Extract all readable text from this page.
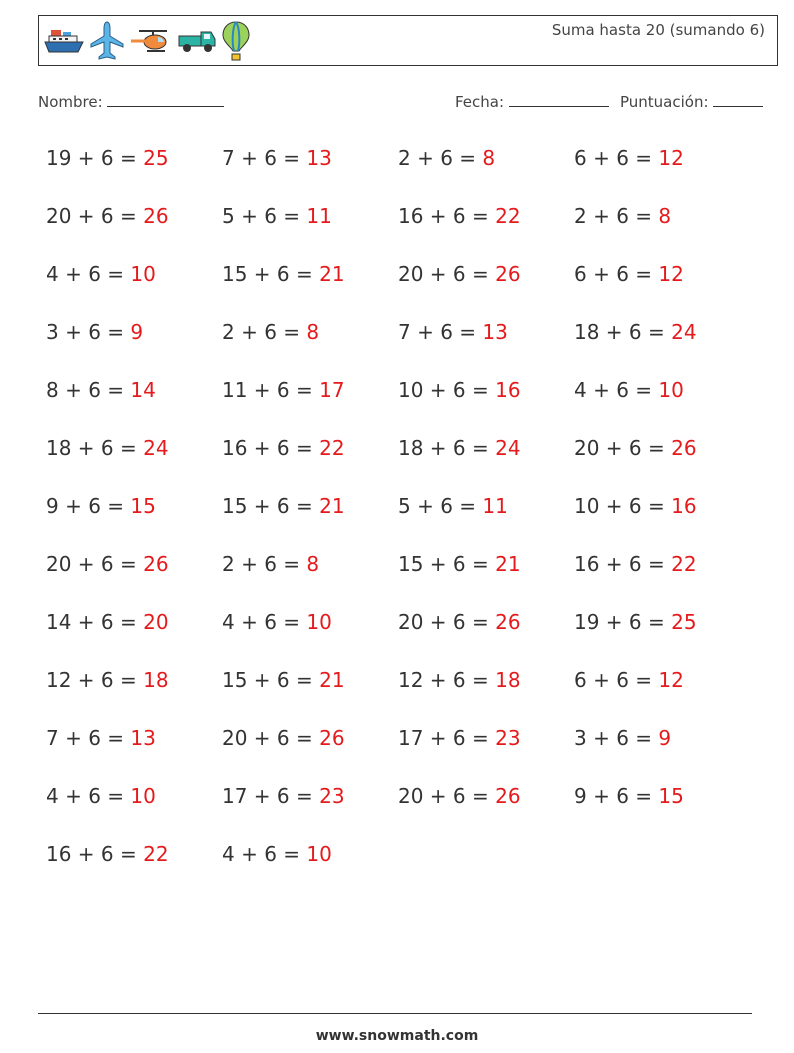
Suma hasta 20 (sumando 6)
Nombre:	Fecha:	Puntuación:
19 + 6 = 25	7 + 6 = 13	2 + 6 = 8	6 + 6 = 12
20 + 6 = 26	5 + 6 = 11	16 + 6 = 22	2 + 6 = 8
4 + 6 = 10	15 + 6 = 21	20 + 6 = 26	6 + 6 = 12
3 + 6 = 9	2 + 6 = 8	7 + 6 = 13	18 + 6 = 24
8 + 6 = 14	11 + 6 = 17	10 + 6 = 16	4 + 6 = 10
18 + 6 = 24	16 + 6 = 22	18 + 6 = 24	20 + 6 = 26
9 + 6 = 15	15 + 6 = 21	5 + 6 = 11	10 + 6 = 16
20 + 6 = 26	2 + 6 = 8	15 + 6 = 21	16 + 6 = 22
14 + 6 = 20	4 + 6 = 10	20 + 6 = 26	19 + 6 = 25
12 + 6 = 18	15 + 6 = 21	12 + 6 = 18	6 + 6 = 12
7 + 6 = 13	20 + 6 = 26	17 + 6 = 23	3 + 6 = 9
4 + 6 = 10	17 + 6 = 23	20 + 6 = 26	9 + 6 = 15
16 + 6 = 22	4 + 6 = 10
www.snowmath.com
